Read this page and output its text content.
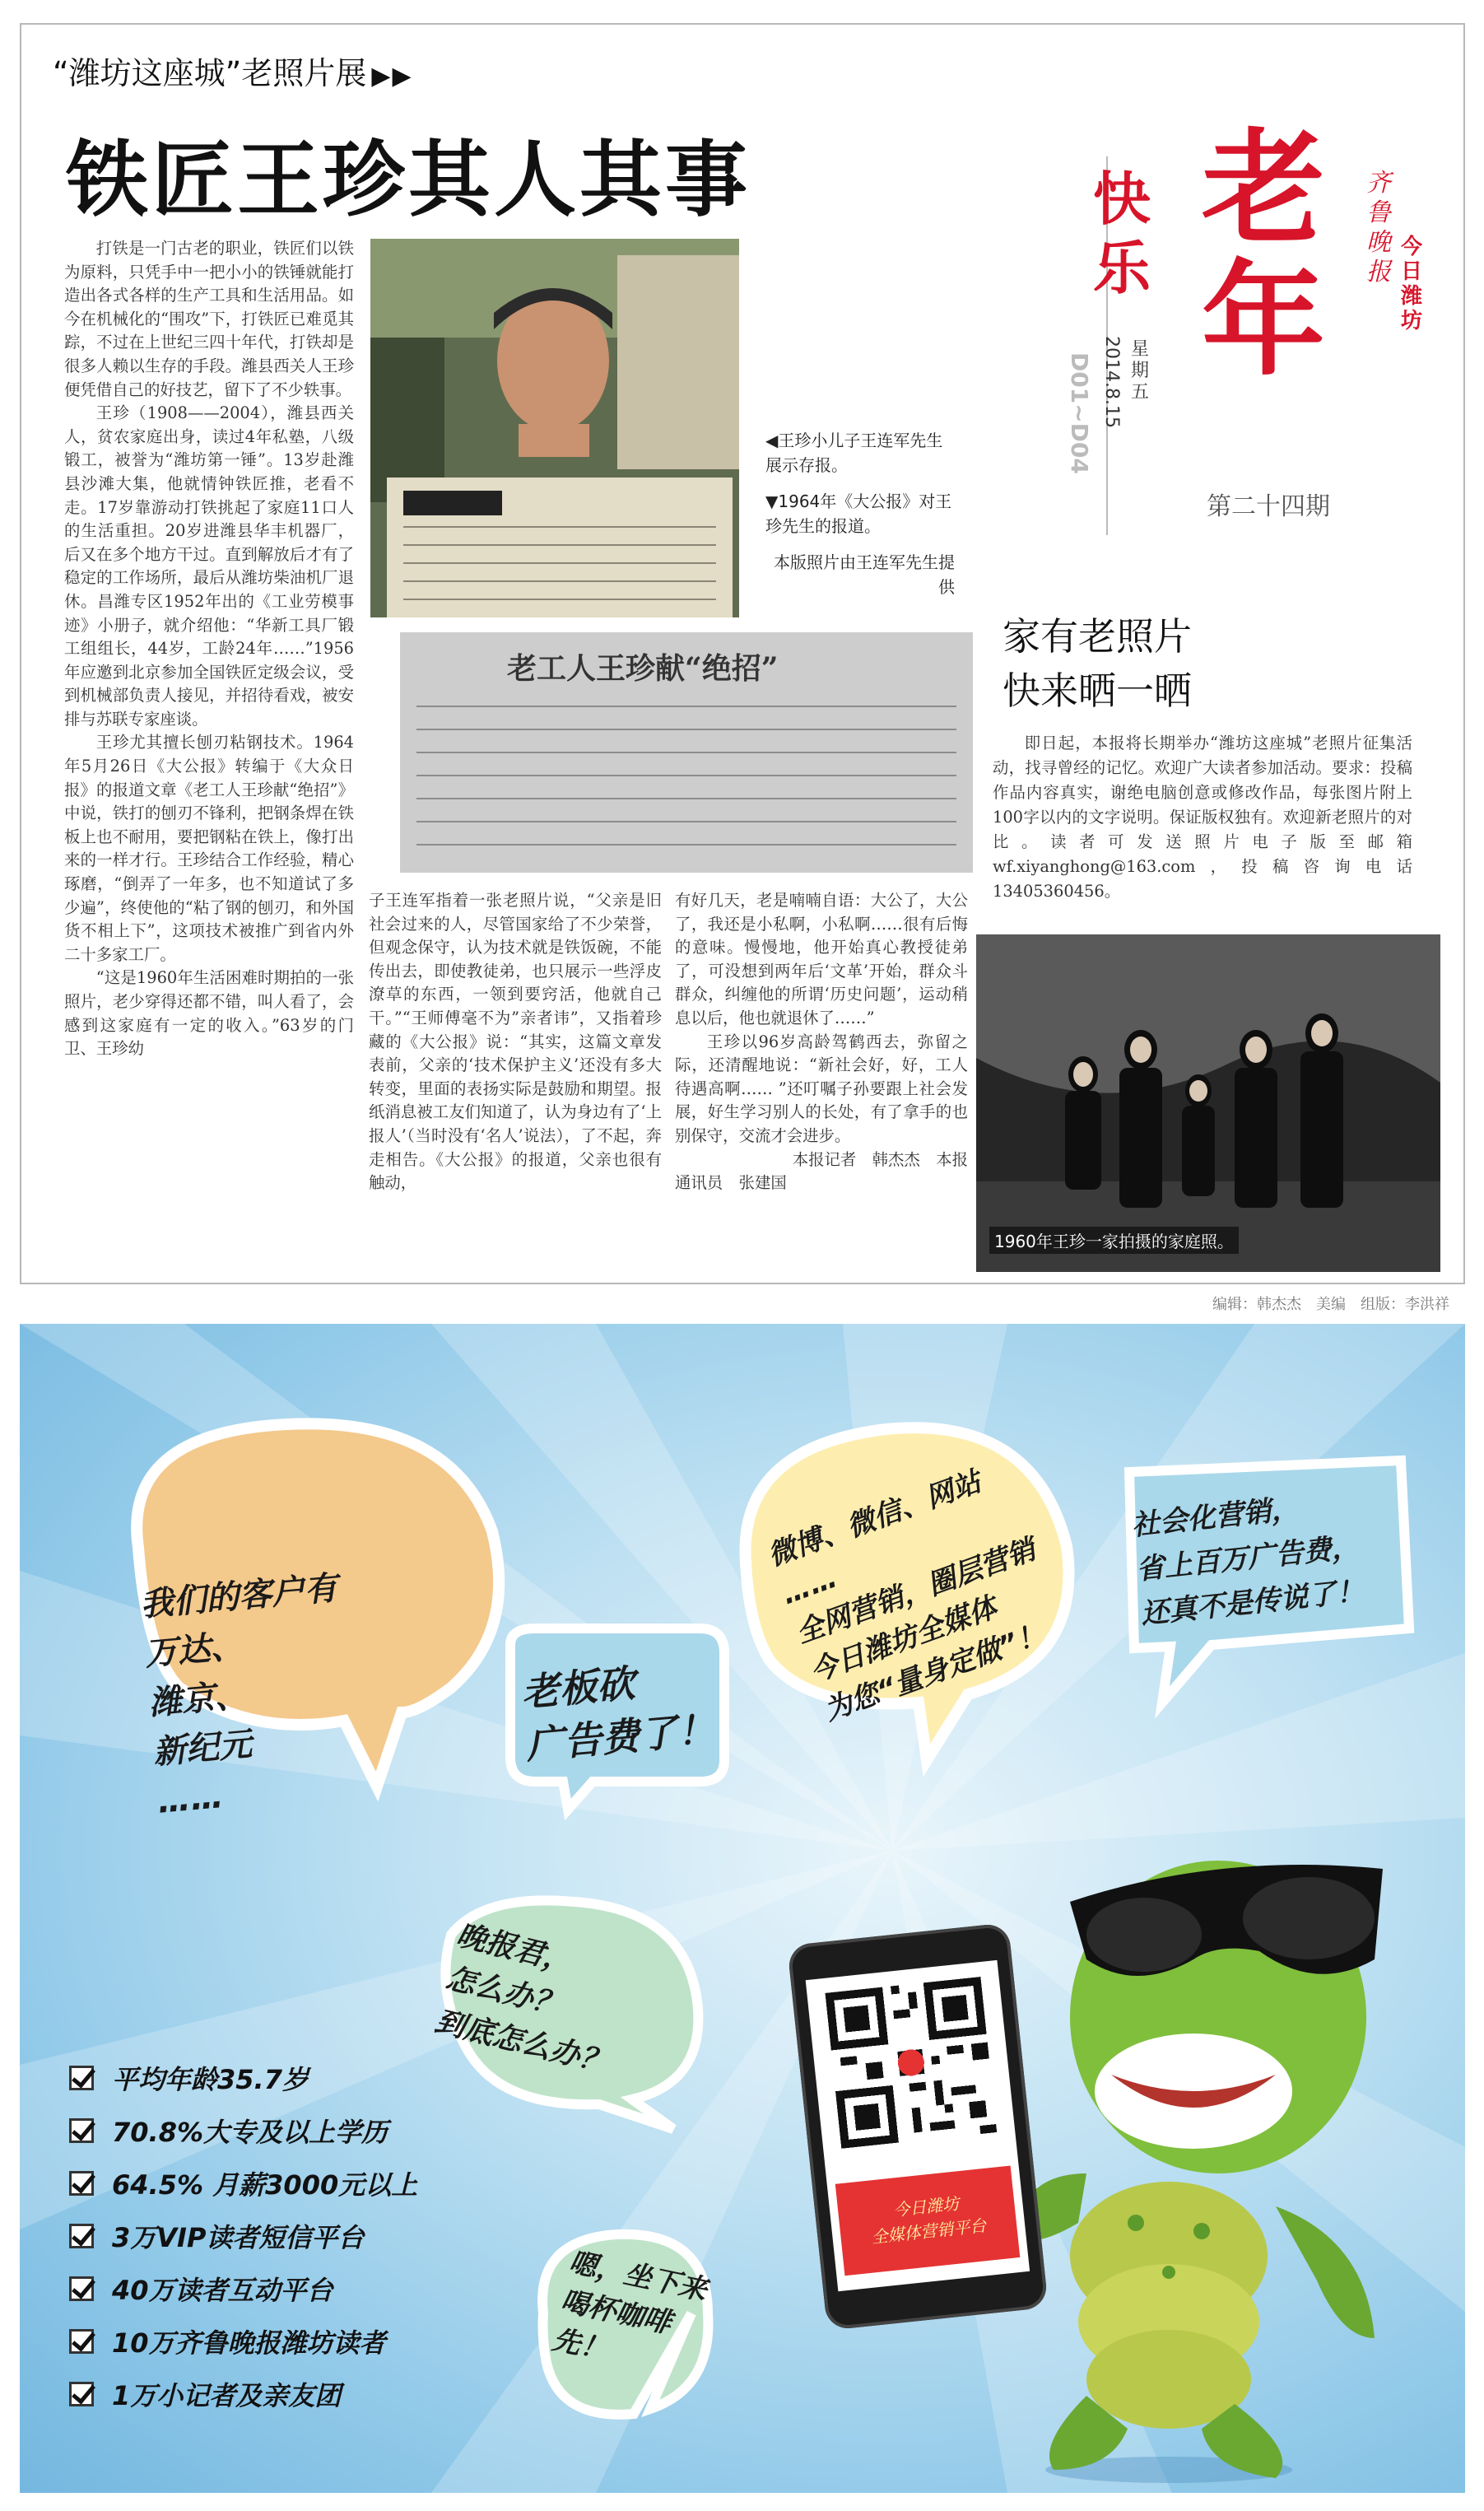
“潍坊这座城”老照片展 ▶▶
铁匠王珍其人其事

打铁是一门古老的职业，铁匠们以铁为原料，只凭手中一把小小的铁锤就能打造出各式各样的生产工具和生活用品。如今在机械化的“围攻”下，打铁匠已难觅其踪，不过在上世纪三四十年代，打铁却是很多人赖以生存的手段。潍县西关人王珍便凭借自己的好技艺，留下了不少轶事。

王珍（1908——2004），潍县西关人，贫农家庭出身，读过4年私塾，八级锻工，被誉为“潍坊第一锤”。13岁赴潍县沙滩大集，他就情钟铁匠推，老看不走。17岁靠游动打铁挑起了家庭11口人的生活重担。20岁进潍县华丰机器厂，后又在多个地方干过。直到解放后才有了稳定的工作场所，最后从潍坊柴油机厂退休。昌潍专区1952年出的《工业劳模事迹》小册子，就介绍他：“华新工具厂锻工组组长，44岁，工龄24年……”1956年应邀到北京参加全国铁匠定级会议，受到机械部负责人接见，并招待看戏，被安排与苏联专家座谈。

王珍尤其擅长刨刃粘钢技术。1964年5月26日《大公报》转编于《大众日报》的报道文章《老工人王珍献“绝招”》中说，铁打的刨刃不锋利，把钢条焊在铁板上也不耐用，要把钢粘在铁上，像打出来的一样才行。王珍结合工作经验，精心琢磨，“倒弄了一年多，也不知道试了多少遍”，终使他的“粘了钢的刨刃，和外国货不相上下”，这项技术被推广到省内外二十多家工厂。

“这是1960年生活困难时期拍的一张照片，老少穿得还都不错，叫人看了，会感到这家庭有一定的收入。”63岁的门卫、王珍幼

◀王珍小儿子王连军先生展示存报。

▼1964年《大公报》对王珍先生的报道。

本版照片由王连军先生提供

老工人王珍献“绝招”

子王连军指着一张老照片说，“父亲是旧社会过来的人，尽管国家给了不少荣誉，但观念保守，认为技术就是铁饭碗，不能传出去，即使教徒弟，也只展示一些浮皮潦草的东西，一领到要窍活，他就自己干。”“王师傅毫不为”亲者讳”，又指着珍藏的《大公报》说：“其实，这篇文章发表前，父亲的‘技术保护主义’还没有多大转变，里面的表扬实际是鼓励和期望。报纸消息被工友们知道了，认为身边有了‘上报人’（当时没有‘名人’说法），了不起，奔走相告。《大公报》的报道，父亲也很有触动，

有好几天，老是喃喃自语：大公了，大公了，我还是小私啊，小私啊……很有后悔的意味。慢慢地，他开始真心教授徒弟了，可没想到两年后‘文革’开始，群众斗群众，纠缠他的所谓‘历史问题’，运动稍息以后，他也就退休了……”

王珍以96岁高龄驾鹤西去，弥留之际，还清醒地说：“新社会好，好，工人待遇高啊…… ”还叮嘱子孙要跟上社会发展，好生学习别人的长处，有了拿手的也别保守，交流才会进步。

本报记者　韩杰杰　本报

通讯员　张建国

老年
快乐
齐鲁晚报
今日潍坊
星期五
第二十四期
家有老照片
快来晒一晒

即日起，本报将长期举办“潍坊这座城”老照片征集活动，找寻曾经的记忆。欢迎广大读者参加活动。要求：投稿作品内容真实，谢绝电脑创意或修改作品，每张图片附上100字以内的文字说明。保证版权独有。欢迎新老照片的对比。读者可发送照片电子版至邮箱wf.xiyanghong@163.com，投稿咨询电话13405360456。

1960年王珍一家拍摄的家庭照。
编辑：韩杰杰　美编　组版：李洪祥
我们的客户有
万达、
潍京、
新纪元
……
老板砍
广告费了！
微博、微信、网站
……
全网营销，圈层营销
今日潍坊全媒体
为您“量身定做”！
社会化营销，
省上百万广告费，
还真不是传说了！
晚报君，
怎么办？
到底怎么办？
嗯，坐下来
喝杯咖啡
先！
平均年龄35.7岁
70.8%大专及以上学历
64.5% 月薪3000元以上
3万VIP读者短信平台
40万读者互动平台
10万齐鲁晚报潍坊读者
1万小记者及亲友团
今日潍坊
全媒体营销平台
